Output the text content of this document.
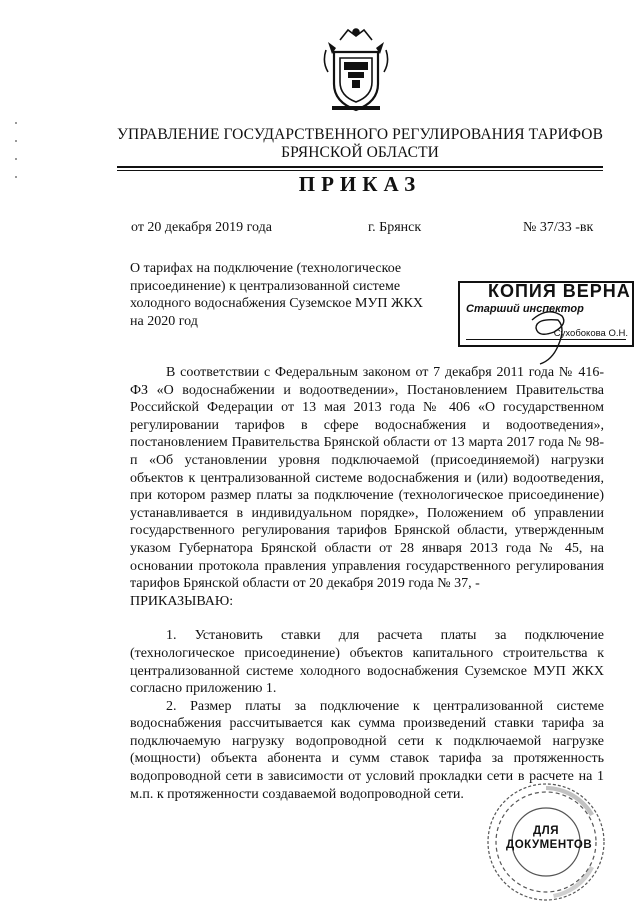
УПРАВЛЕНИЕ ГОСУДАРСТВЕННОГО РЕГУЛИРОВАНИЯ ТАРИФОВ
БРЯНСКОЙ ОБЛАСТИ
ПРИКАЗ
от 20 декабря 2019 года	г. Брянск	№ 37/33 -вк
О тарифах на подключение (технологическое присоединение) к централизованной системе холодного водоснабжения Суземское МУП ЖКХ на 2020 год
КОПИЯ ВЕРНА
Старший инспектор
Сухобокова О.Н.

В соответствии с Федеральным законом от 7 декабря 2011 года № 416-ФЗ «О водоснабжении и водоотведении», Постановлением Правительства Российской Федерации от 13 мая 2013 года № 406 «О государственном регулировании тарифов в сфере водоснабжения и водоотведения», постановлением Правительства Брянской области от 13 марта 2017 года № 98-п «Об установлении уровня подключаемой (присоединяемой) нагрузки объектов к централизованной системе водоснабжения и (или) водоотведения, при котором размер платы за подключение (технологическое присоединение) устанавливается в индивидуальном порядке», Положением об управлении государственного регулирования тарифов Брянской области, утвержденным указом Губернатора Брянской области от 28 января 2013 года № 45, на основании протокола правления управления государственного регулирования тарифов Брянской области от 20 декабря 2019 года № 37, -

ПРИКАЗЫВАЮ:

1. Установить ставки для расчета платы за подключение (технологическое присоединение) объектов капитального строительства к централизованной системе холодного водоснабжения Суземское МУП ЖКХ согласно приложению 1.

2. Размер платы за подключение к централизованной системе водоснабжения рассчитывается как сумма произведений ставки тарифа за подключаемую нагрузку водопроводной сети к подключаемой нагрузке (мощности) объекта абонента и сумм ставок тарифа за протяженность водопроводной сети в зависимости от условий прокладки сети в расчете на 1 м.п. к протяженности создаваемой водопроводной сети.

ДЛЯ
ДОКУМЕНТОВ
